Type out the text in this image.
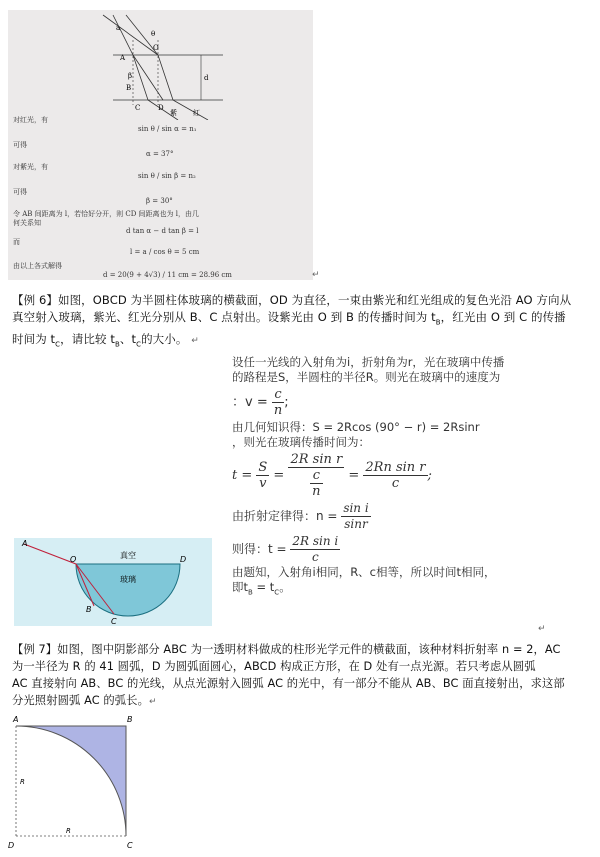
a
θ
A
O
d
β
B
C	D
紫 红
对红光，有
sin θ / sin α = n₁
可得
α = 37°
对紫光，有
sin θ / sin β = n₂
可得
β = 30°
令 AB 间距离为 l，若恰好分开，则 CD 间距离也为 l，由几
何关系知
d tan α − d tan β = l
而
l = a / cos θ = 5 cm
由以上各式解得
d = 20(9 + 4√3) / 11 cm = 28.96 cm	↵
【例 6】如图，OBCD 为半圆柱体玻璃的横截面，OD 为直径，一束由紫光和红光组成的复色光沿 AO 方向从
真空射入玻璃，紫光、红光分别从 B、C 点射出。设紫光由 O 到 B 的传播时间为 $t_B$，红光由 O 到 C 的传播
时间为 $t_C$，请比较 $t_B$、$t_C$的大小。 ↵
A
O	D
B
C
真空
玻璃
设任一光线的入射角为i，折射角为r，光在玻璃中传播
的路程是S，半圆柱的半径R。则光在玻璃中的速度为
：$v = \frac{c}{n}$ ;
由几何知识得：S = 2Rcos (90° − r) = 2Rsinr
，则光在玻璃传播时间为：
$t = \frac{S}{v} = \frac{\text{2R sin r}}{\frac{c}{n}} = \frac{\text{2Rn sin r}}{c}$ ;
由折射定律得：$n = \frac{\text{sin i}}{\sin r}$
则得：$t = \frac{\text{2R sin i}}{c}$
由题知，入射角i相同，R、c相等，所以时间t相同，
即$t_B = t_C$。
↵
【例 7】如图，图中阴影部分 ABC 为一透明材料做成的柱形光学元件的横截面，该种材料折射率 n = 2，AC
为一半径为 R 的 41 圆弧，D 为圆弧面圆心，ABCD 构成正方形，在 D 处有一点光源。若只考虑从圆弧
AC 直接射向 AB、BC 的光线，从点光源射入圆弧 AC 的光中，有一部分不能从 AB、BC 面直接射出，求这部
分光照射圆弧 AC 的弧长。↵
A	B
C
D
R
R
